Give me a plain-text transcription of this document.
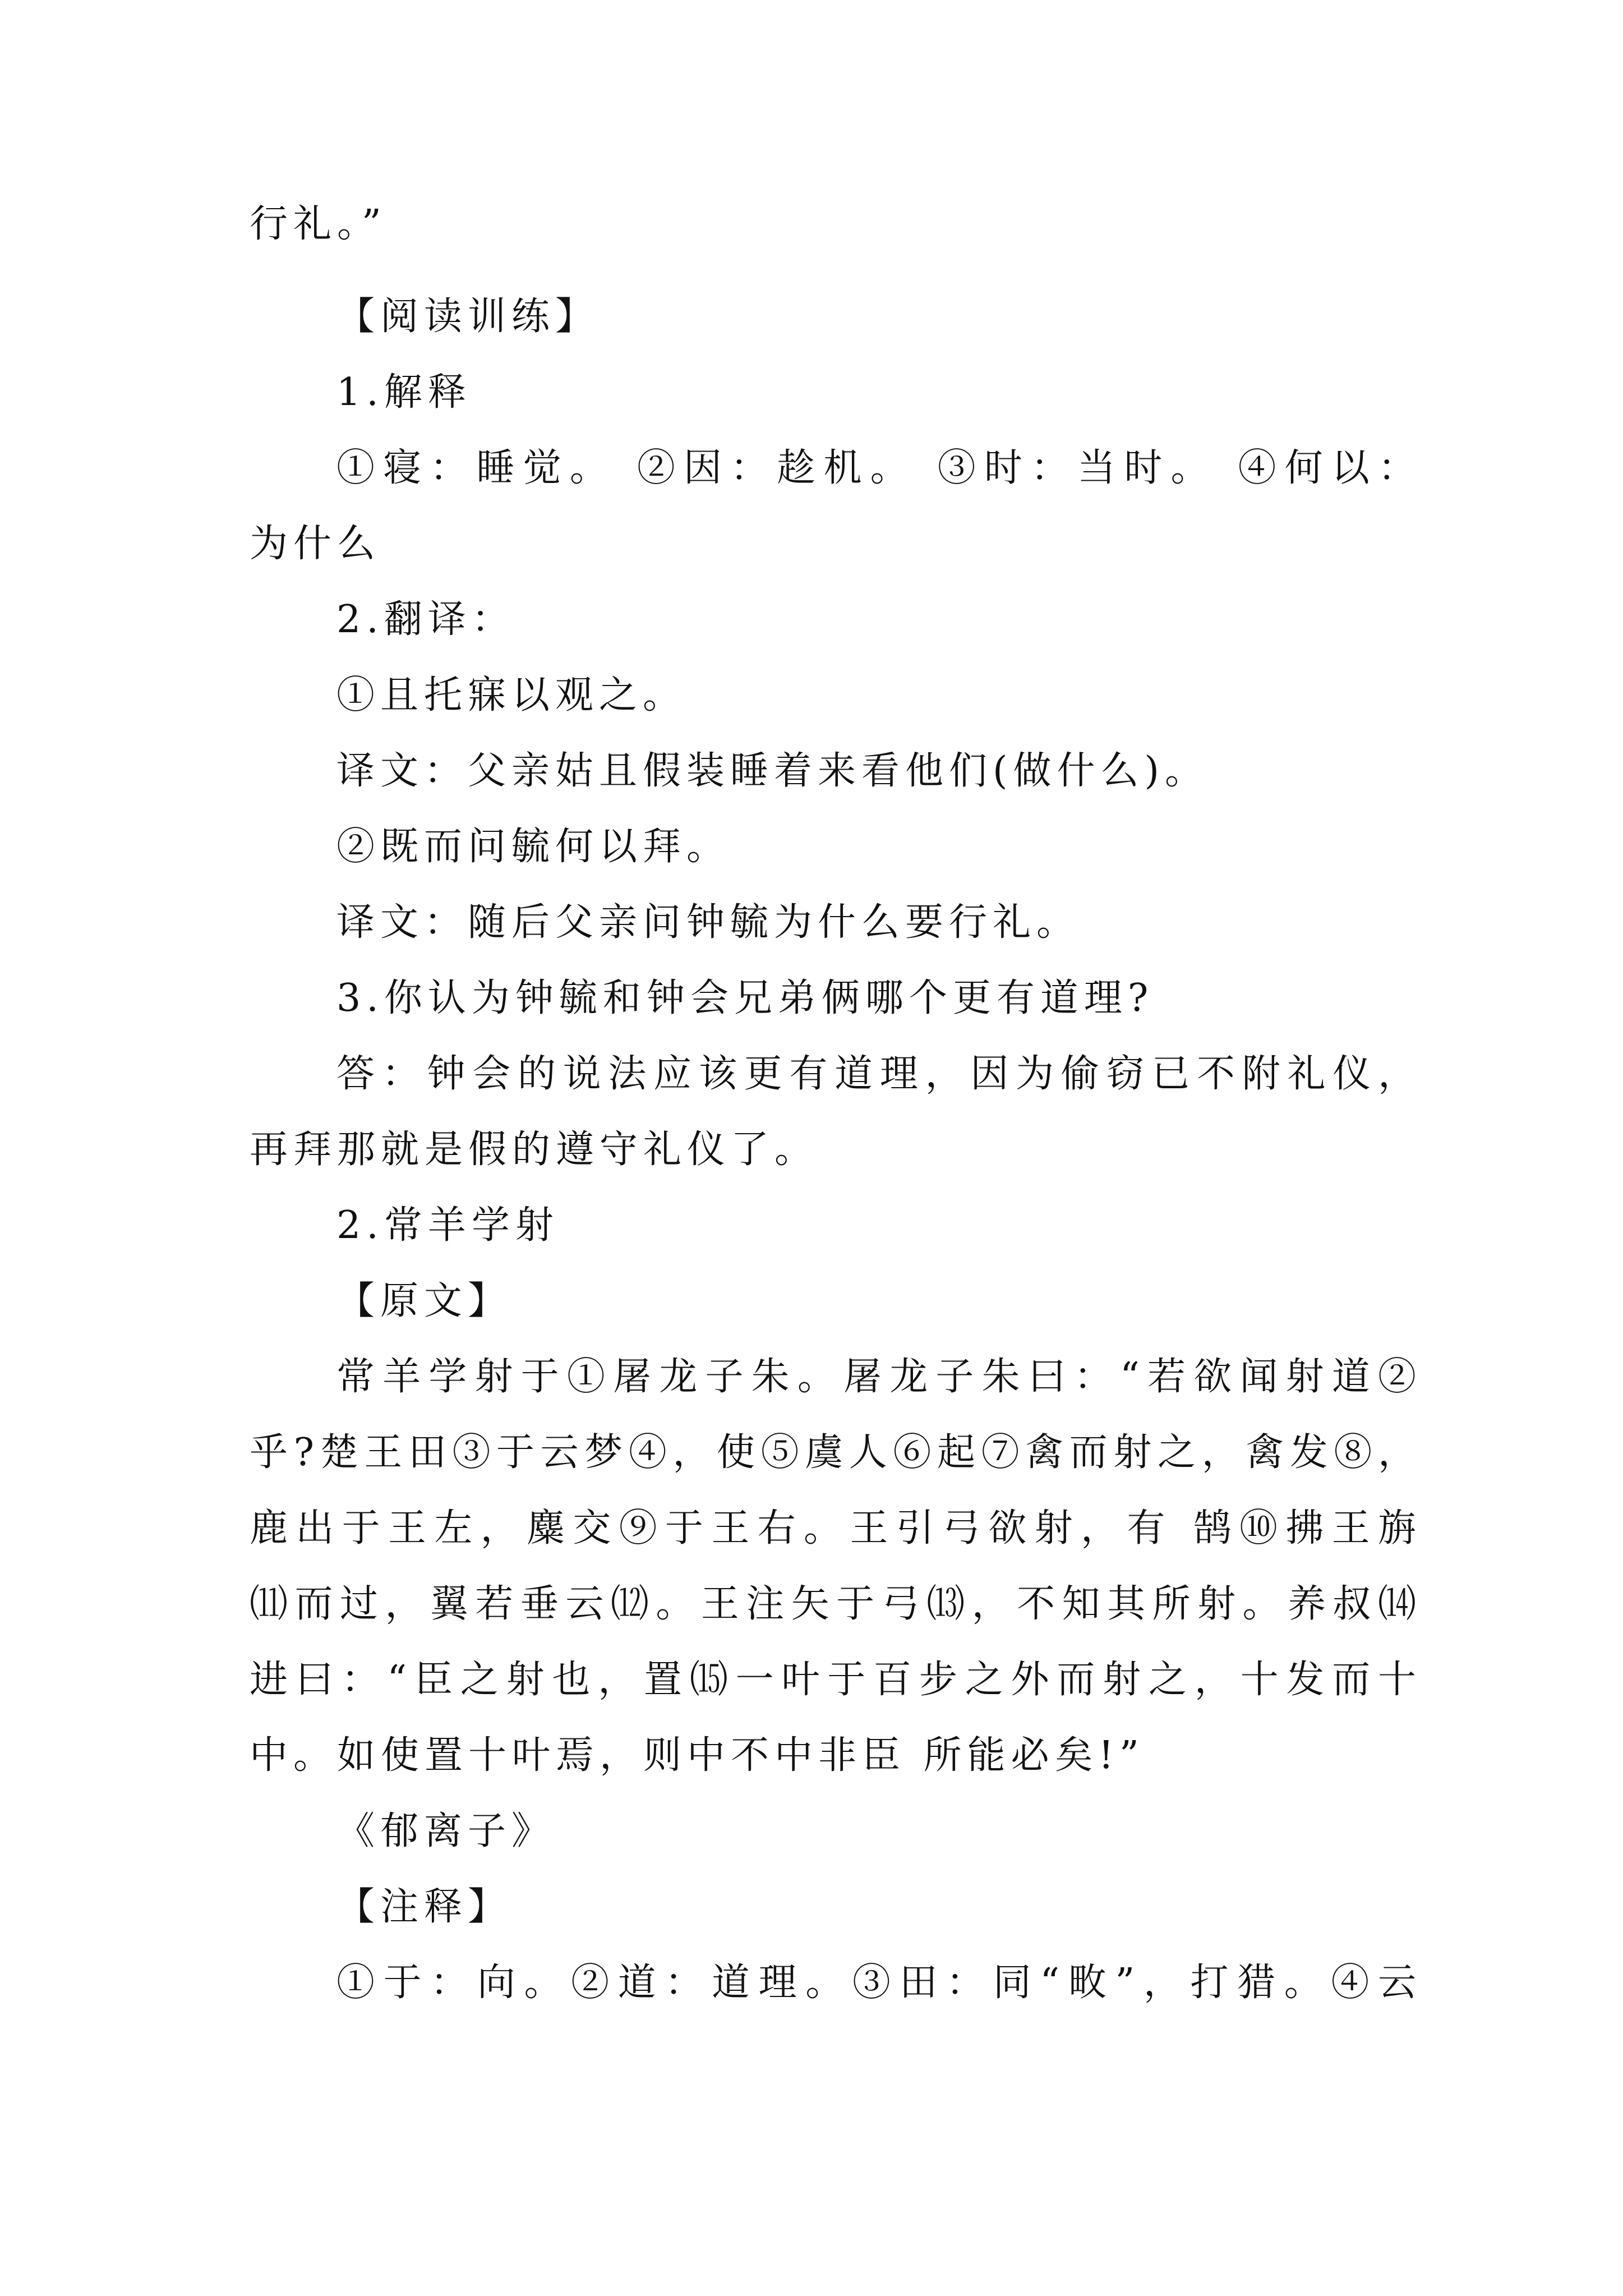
行礼。”
【阅读训练】
1.解释
①寝：睡觉。 ②因：趁机。 ③时：当时。 ④何以：
为什么
2.翻译：
①且托寐以观之。
译文：父亲姑且假装睡着来看他们(做什么)。
②既而问毓何以拜。
译文：随后父亲问钟毓为什么要行礼。
3.你认为钟毓和钟会兄弟俩哪个更有道理?
答：钟会的说法应该更有道理，因为偷窃已不附礼仪，
再拜那就是假的遵守礼仪了。
2.常羊学射
【原文】
常羊学射于①屠龙子朱。屠龙子朱曰：“若欲闻射道②
乎?楚王田③于云梦④，使⑤虞人⑥起⑦禽而射之，禽发⑧，
鹿出于王左，麋交⑨于王右。王引弓欲射，有 鹄⑩拂王旃
⑾而过，翼若垂云⑿。王注矢于弓⒀，不知其所射。养叔⒁
进曰：“臣之射也，置⒂一叶于百步之外而射之，十发而十
中。如使置十叶焉，则中不中非臣 所能必矣!”
《郁离子》
【注释】
①于：向。②道：道理。③田：同“畋”，打猎。④云
